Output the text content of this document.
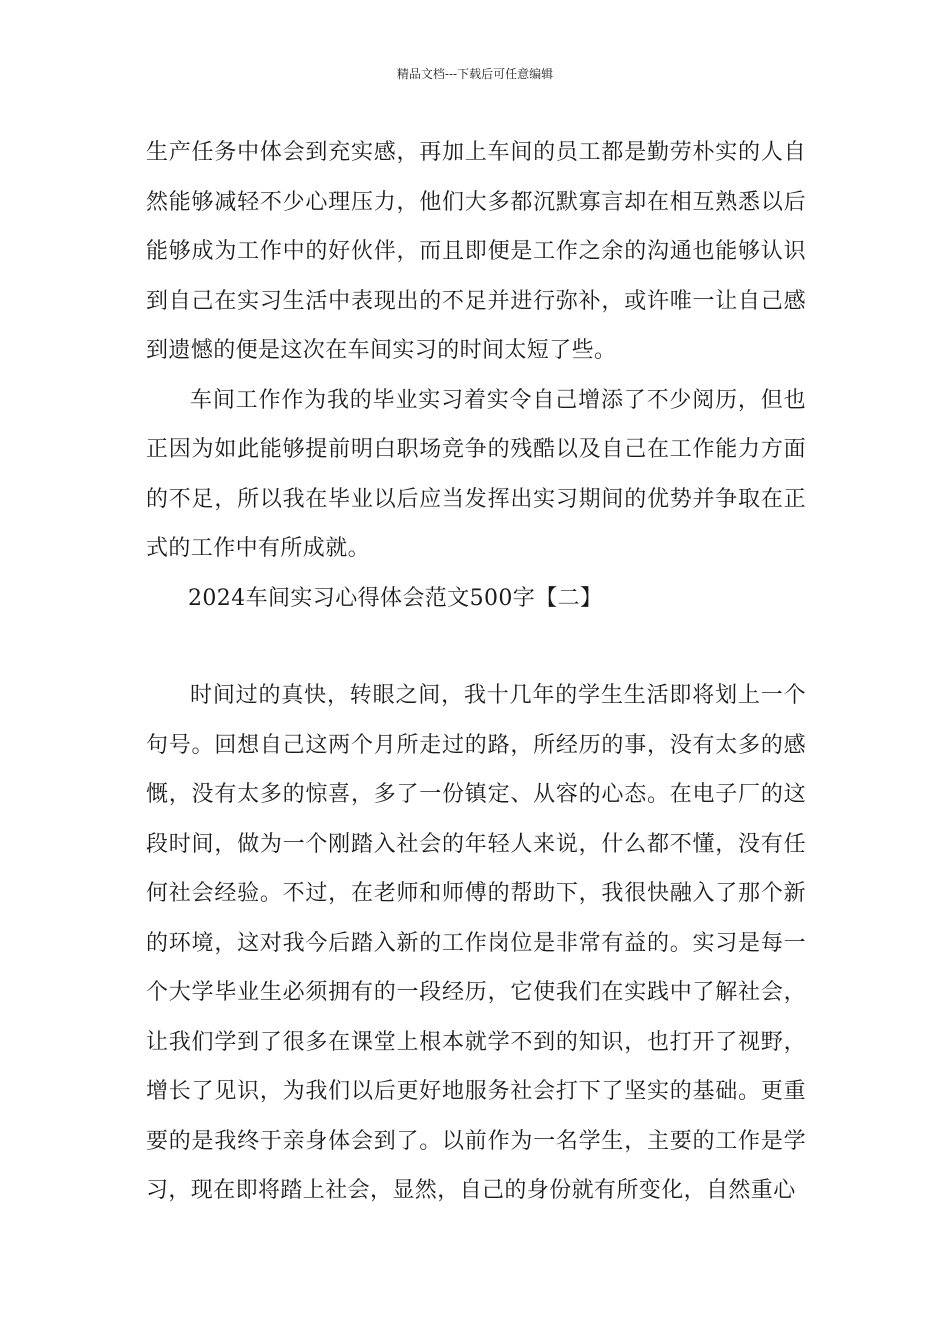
精品文档---下载后可任意编辑

生产任务中体会到充实感，再加上车间的员工都是勤劳朴实的人自然能够减轻不少心理压力，他们大多都沉默寡言却在相互熟悉以后能够成为工作中的好伙伴，而且即便是工作之余的沟通也能够认识到自己在实习生活中表现出的不足并进行弥补，或许唯一让自己感到遗憾的便是这次在车间实习的时间太短了些。

车间工作作为我的毕业实习着实令自己增添了不少阅历，但也正因为如此能够提前明白职场竞争的残酷以及自己在工作能力方面的不足，所以我在毕业以后应当发挥出实习期间的优势并争取在正式的工作中有所成就。

2024车间实习心得体会范文500字【二】

时间过的真快，转眼之间，我十几年的学生生活即将划上一个句号。回想自己这两个月所走过的路，所经历的事，没有太多的感慨，没有太多的惊喜，多了一份镇定、从容的心态。在电子厂的这段时间，做为一个刚踏入社会的年轻人来说，什么都不懂，没有任何社会经验。不过，在老师和师傅的帮助下，我很快融入了那个新的环境，这对我今后踏入新的工作岗位是非常有益的。实习是每一个大学毕业生必须拥有的一段经历，它使我们在实践中了解社会，让我们学到了很多在课堂上根本就学不到的知识，也打开了视野，增长了见识，为我们以后更好地服务社会打下了坚实的基础。更重要的是我终于亲身体会到了。以前作为一名学生，主要的工作是学习，现在即将踏上社会，显然，自己的身份就有所变化，自然重心
